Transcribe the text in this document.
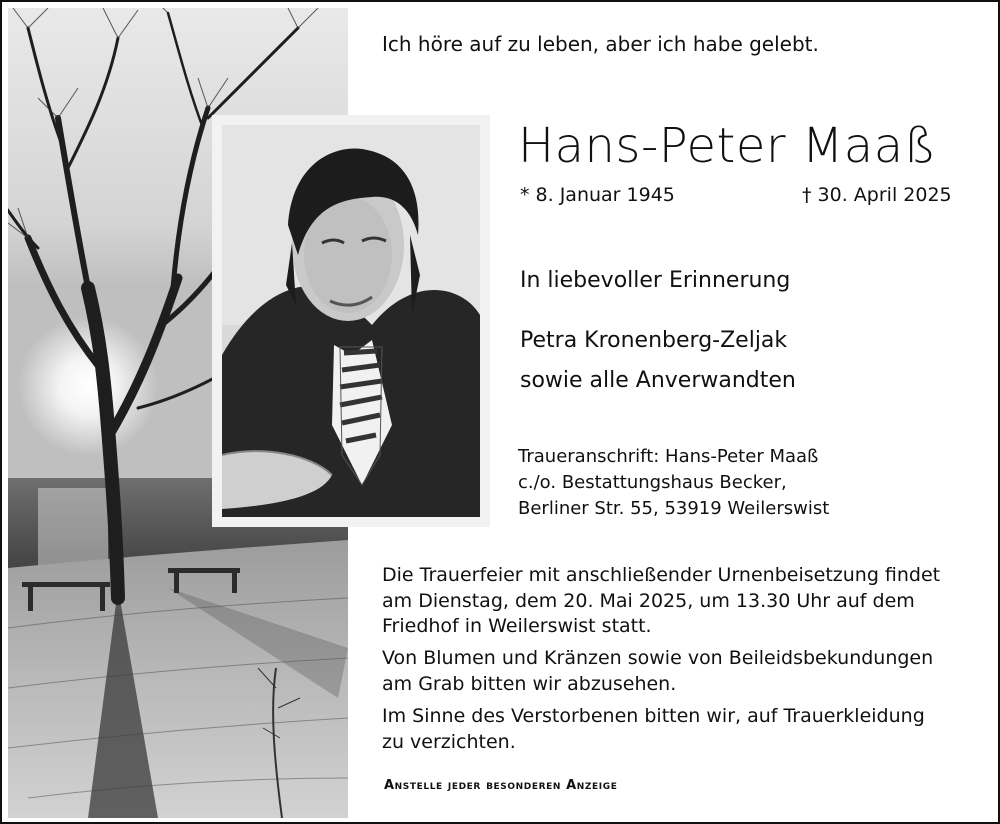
Ich höre auf zu leben, aber ich habe gelebt.
Hans-Peter Maaß
* 8. Januar 1945	† 30. April 2025
In liebevoller Erinnerung
Petra Kronenberg-Zeljak
sowie alle Anverwandten
Traueranschrift: Hans-Peter Maaß
c./o. Bestattungshaus Becker,
Berliner Str. 55, 53919 Weilerswist
Die Trauerfeier mit anschließender Urnenbeisetzung findet
am Dienstag, dem 20. Mai 2025, um 13.30 Uhr auf dem
Friedhof in Weilerswist statt.
Von Blumen und Kränzen sowie von Beileidsbekundungen
am Grab bitten wir abzusehen.
Im Sinne des Verstorbenen bitten wir, auf Trauerkleidung
zu verzichten.
Anstelle jeder besonderen Anzeige
